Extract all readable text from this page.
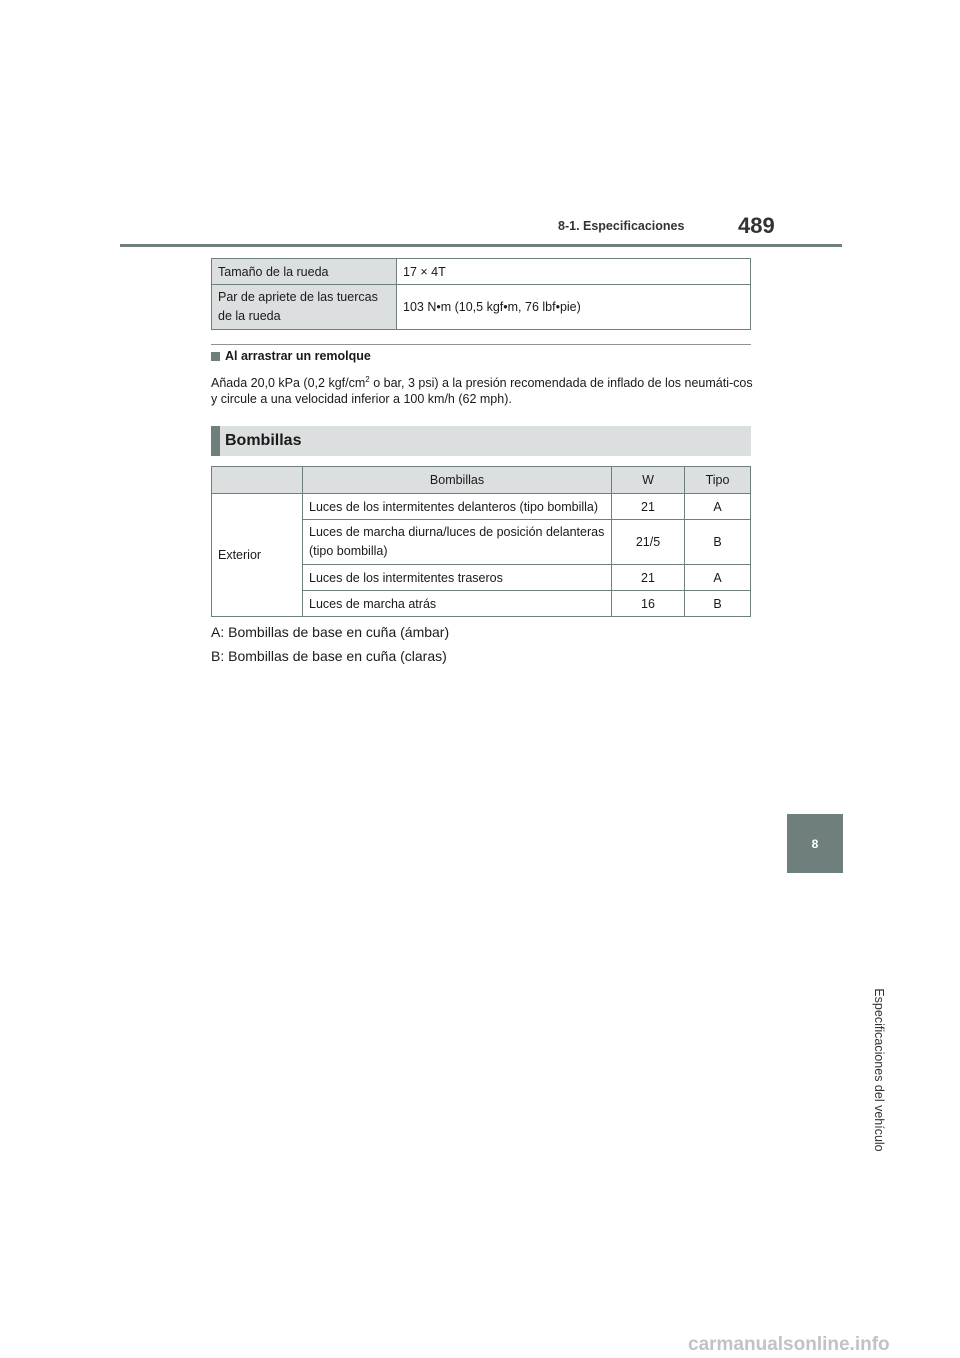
8-1. Especificaciones 489
Tamaño de la rueda	17 × 4T
Par de apriete de las tuercas
de la rueda	103 N•m (10,5 kgf•m, 76 lbf•pie)
Al arrastrar un remolque
Añada 20,0 kPa (0,2 kgf/$cm^2$ o bar, 3 psi) a la presión recomendada de inflado de los neumáti-cos y circule a una velocidad inferior a 100 km/h (62 mph).
Bombillas
	Bombillas	W	Tipo
Exterior	Luces de los intermitentes delanteros (tipo bombilla)	21	A
	Luces de marcha diurna/luces de posición delanteras
(tipo bombilla)	21/5	B
	Luces de los intermitentes traseros	21	A
	Luces de marcha atrás	16	B
A: Bombillas de base en cuña (ámbar)
B: Bombillas de base en cuña (claras)
8
Especificaciones del vehículo
carmanualsonline.info
